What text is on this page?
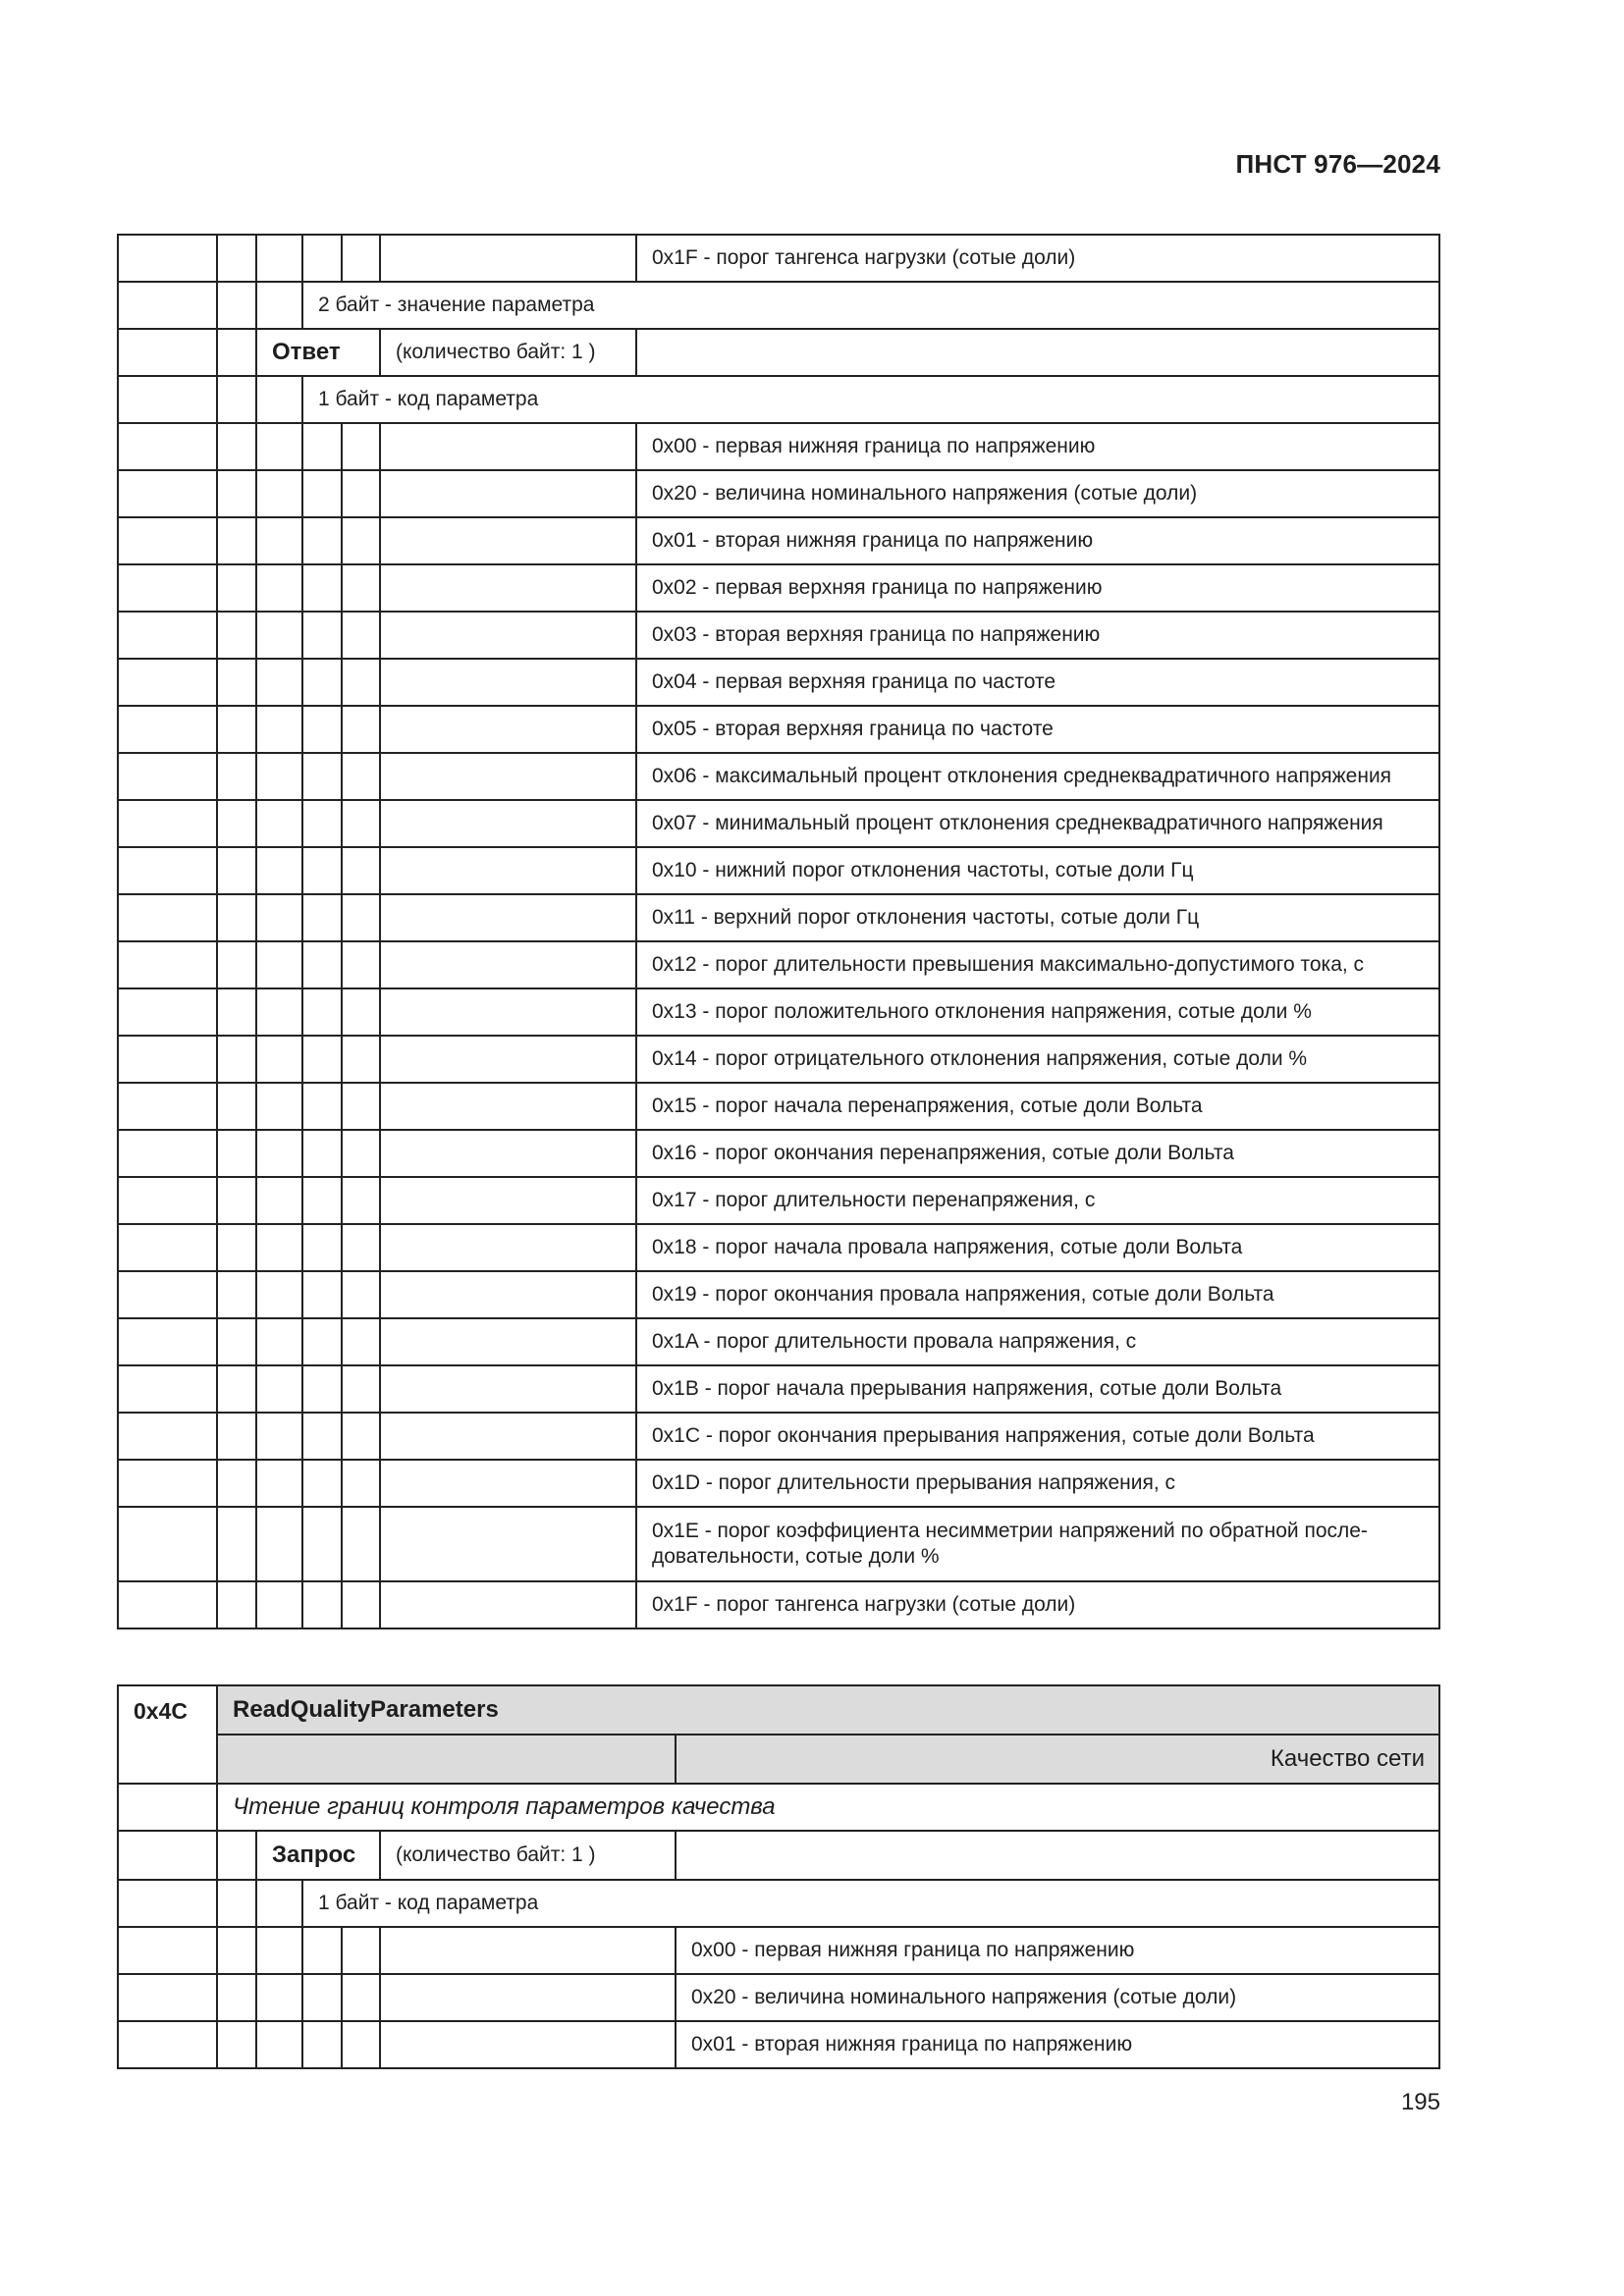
ПНСТ 976—2024
						0x1F - порог тангенса нагрузки (сотые доли)
			2 байт - значение параметра			
		Ответ			(количество байт: 1 )	
			1 байт - код параметра			
						0x00 - первая нижняя граница по напряжению
						0x20 - величина номинального напряжения (сотые доли)
						0x01 - вторая нижняя граница по напряжению
						0x02 - первая верхняя граница по напряжению
						0x03 - вторая верхняя граница по напряжению
						0x04 - первая верхняя граница по частоте
						0x05 - вторая верхняя граница по частоте
						0x06 - максимальный процент отклонения среднеквадратичного напряжения
						0x07 - минимальный процент отклонения среднеквадратичного напряжения
						0x10 - нижний порог отклонения частоты, сотые доли Гц
						0x11 - верхний порог отклонения частоты, сотые доли Гц
						0x12 - порог длительности превышения максимально-допустимого тока, с
						0x13 - порог положительного отклонения напряжения, сотые доли %
						0x14 - порог отрицательного отклонения напряжения, сотые доли %
						0x15 - порог начала перенапряжения, сотые доли Вольта
						0x16 - порог окончания перенапряжения, сотые доли Вольта
						0x17 - порог длительности перенапряжения, с
						0x18 - порог начала провала напряжения, сотые доли Вольта
						0x19 - порог окончания провала напряжения, сотые доли Вольта
						0x1A - порог длительности провала напряжения, с
						0x1B - порог начала прерывания напряжения, сотые доли Вольта
						0x1C - порог окончания прерывания напряжения, сотые доли Вольта
						0x1D - порог длительности прерывания напряжения, с
						0x1E - порог коэффициента несимметрии напряжений по обратной после-довательности, сотые доли %
						0x1F - порог тангенса нагрузки (сотые доли)
0x4C	ReadQualityParameters					
						Качество сети
	Чтение границ контроля параметров качества					
		Запрос			(количество байт: 1 )	
			1 байт - код параметра			
						0x00 - первая нижняя граница по напряжению
						0x20 - величина номинального напряжения (сотые доли)
						0x01 - вторая нижняя граница по напряжению
195
